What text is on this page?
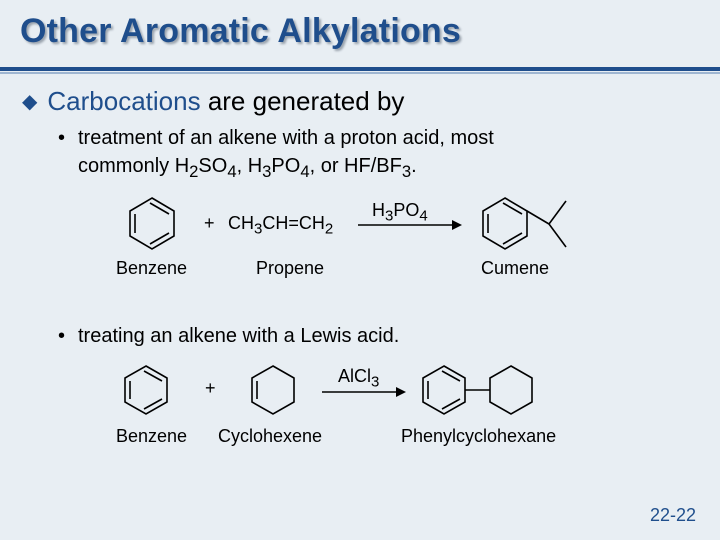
Other Aromatic Alkylations
◆ Carbocations are generated by
• treatment of an alkene with a proton acid, most
commonly $H_2SO_4$, $H_3PO_4$, or $HF/BF_3$.
+ $CH_3CH=CH_2$
$H_3PO_4$
Benzene	Propene	Cumene
• treating an alkene with a Lewis acid.
+
AlCl$_3$
Benzene Cyclohexene	Phenylcyclohexane
22-22
